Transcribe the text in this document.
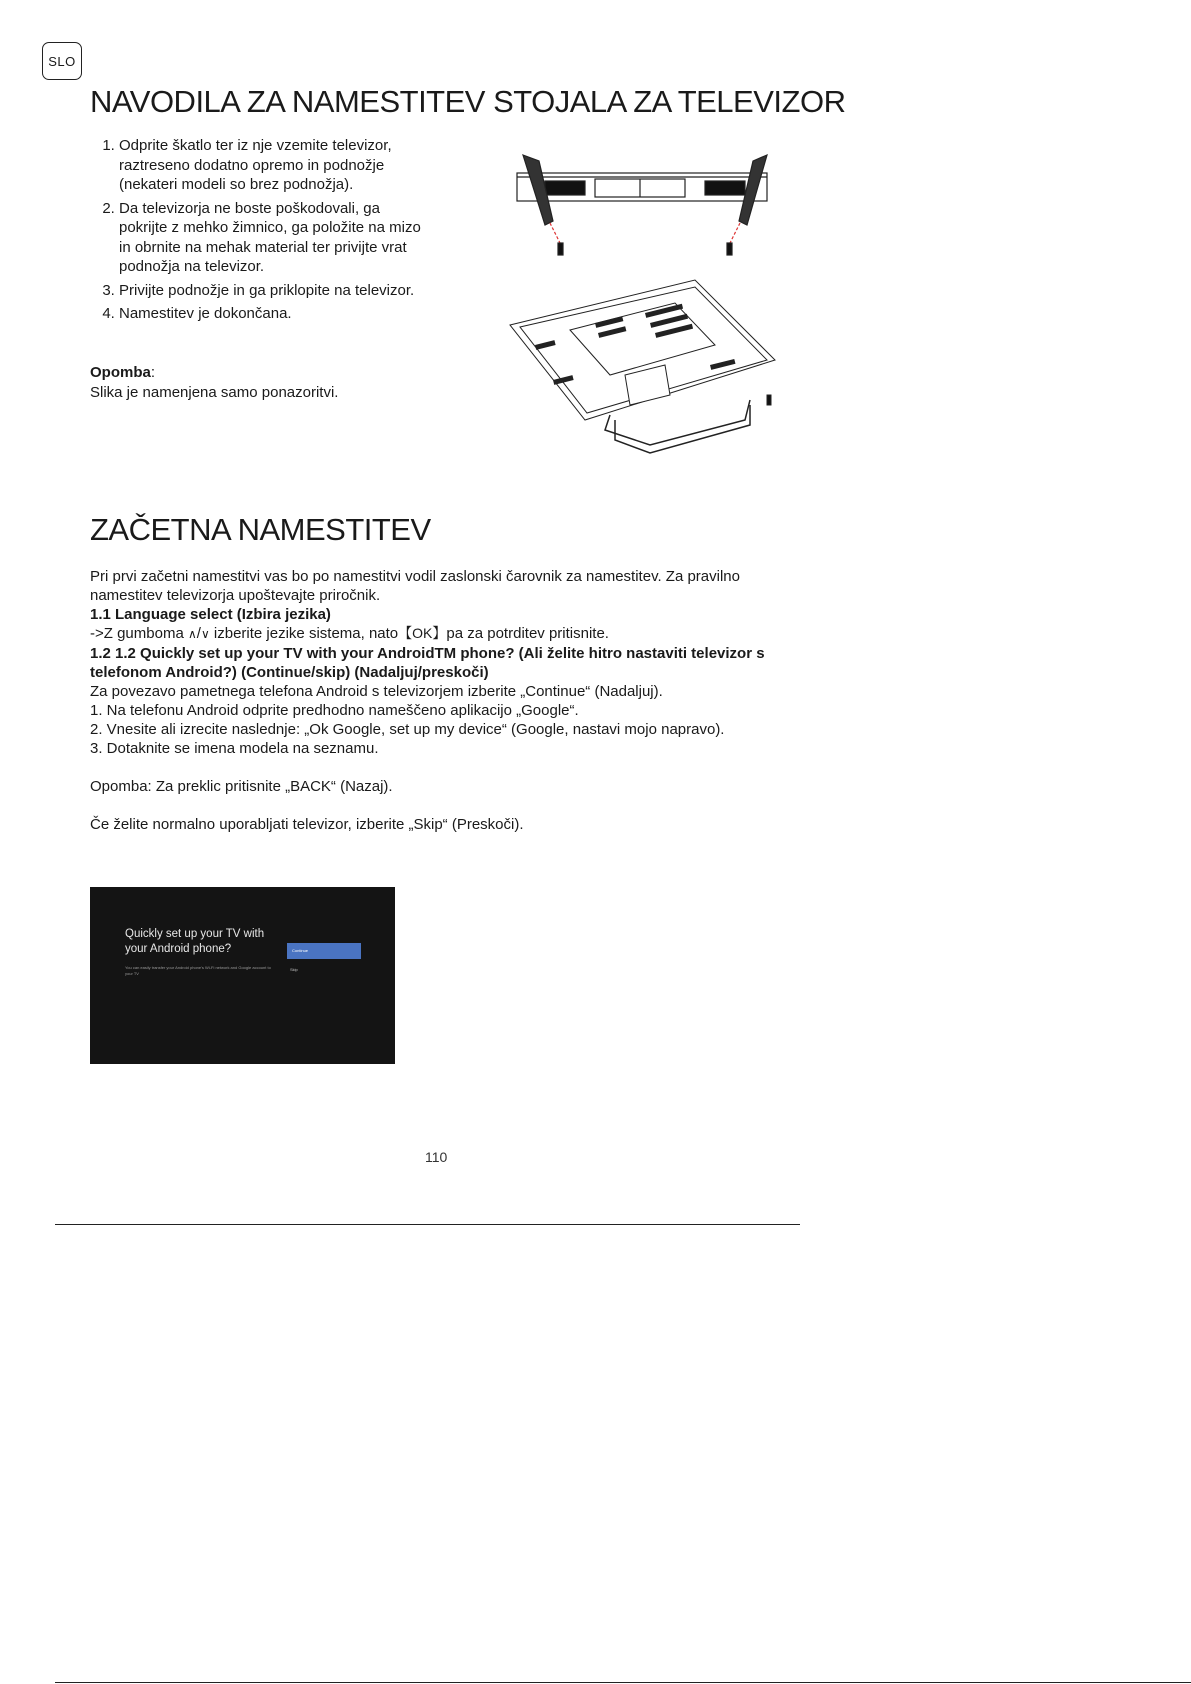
SLO
NAVODILA ZA NAMESTITEV STOJALA ZA TELEVIZOR
1. Odprite škatlo ter iz nje vzemite televizor, raztreseno dodatno opremo in podnožje (nekateri modeli so brez podnožja).
2. Da televizorja ne boste poškodovali, ga pokrijte z mehko žimnico, ga položite na mizo in obrnite na mehak material ter privijte vrat podnožja na televizor.
3. Privijte podnožje in ga priklopite na televizor.
4. Namestitev je dokončana.
Opomba:
Slika je namenjena samo ponazoritvi.
ZAČETNA NAMESTITEV

Pri prvi začetni namestitvi vas bo po namestitvi vodil zaslonski čarovnik za namestitev. Za pravilno namestitev televizorja upoštevajte priročnik.

1.1 Language select (Izbira jezika)

->Z gumboma ∧/∨ izberite jezike sistema, nato【OK】pa za potrditev pritisnite.

1.2 1.2 Quickly set up your TV with your AndroidTM phone? (Ali želite hitro nastaviti televizor s telefonom Android?) (Continue/skip) (Nadaljuj/preskoči)

Za povezavo pametnega telefona Android s televizorjem izberite „Continue“ (Nadaljuj).

1. Na telefonu Android odprite predhodno nameščeno aplikacijo „Google“.

2. Vnesite ali izrecite naslednje: „Ok Google, set up my device“ (Google, nastavi mojo napravo).

3. Dotaknite se imena modela na seznamu.

Opomba: Za preklic pritisnite „BACK“ (Nazaj).

Če želite normalno uporabljati televizor, izberite „Skip“ (Preskoči).

Quickly set up your TV with your Android phone?
You can easily transfer your Android phone's Wi-Fi network and Google account to your TV
Continue
Skip
110
